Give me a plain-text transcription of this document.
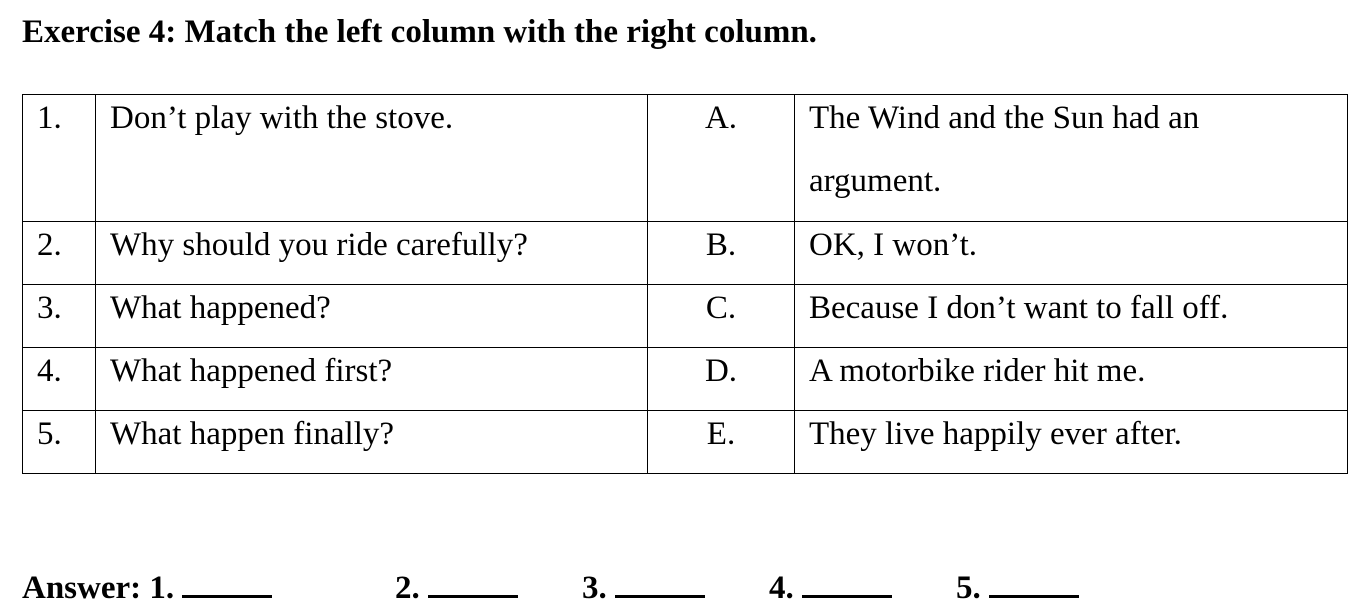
Exercise 4: Match the left column with the right column.
1.	Don’t play with the stove.	A.	The Wind and the Sun had an argument.

2.	Why should you ride carefully?	B.	OK, I won’t.

3.	What happened?	C.	Because I don’t want to fall off.

4.	What happened first?	D.	A motorbike rider hit me.

5.	What happen finally?	E.	They live happily ever after.
Answer: 1.	2.	3.	4.	5.
